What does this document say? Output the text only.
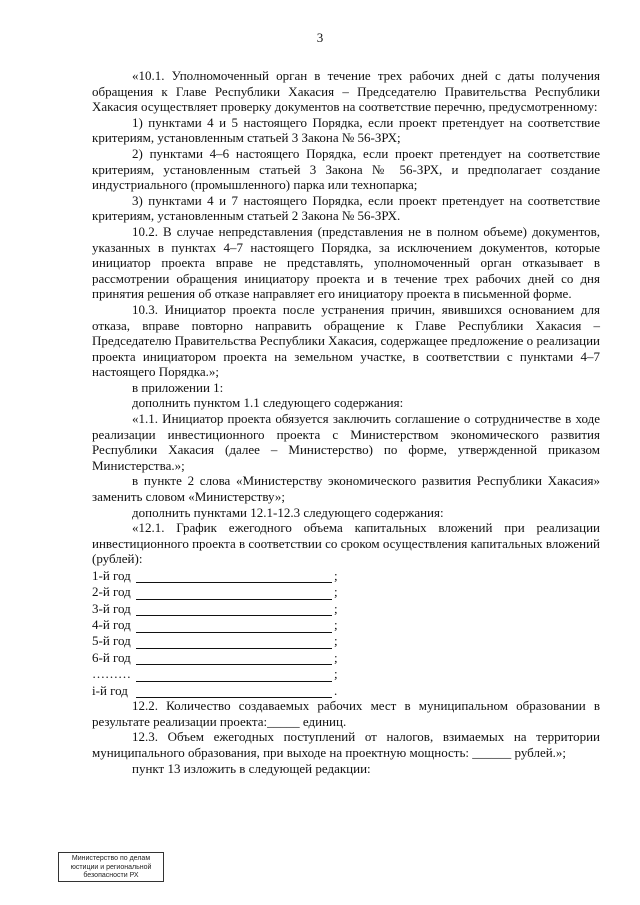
3

«10.1. Уполномоченный орган в течение трех рабочих дней с даты получения обращения к Главе Республики Хакасия – Председателю Правительства Республики Хакасия осуществляет проверку документов на соответствие перечню, предусмотренному:

1) пунктами 4 и 5 настоящего Порядка, если проект претендует на соответствие критериям, установленным статьей 3 Закона № 56-ЗРХ;

2) пунктами 4–6 настоящего Порядка, если проект претендует на соответствие критериям, установленным статьей 3 Закона № 56-ЗРХ, и предполагает создание индустриального (промышленного) парка или технопарка;

3) пунктами 4 и 7 настоящего Порядка, если проект претендует на соответствие критериям, установленным статьей 2 Закона № 56-ЗРХ.

10.2. В случае непредставления (представления не в полном объеме) документов, указанных в пунктах 4–7 настоящего Порядка, за исключением документов, которые инициатор проекта вправе не представлять, уполномоченный орган отказывает в рассмотрении обращения инициатору проекта и в течение трех рабочих дней со дня принятия решения об отказе направляет его инициатору проекта в письменной форме.

10.3. Инициатор проекта после устранения причин, явившихся основанием для отказа, вправе повторно направить обращение к Главе Республики Хакасия – Председателю Правительства Республики Хакасия, содержащее предложение о реализации проекта инициатором проекта на земельном участке, в соответствии с пунктами 4–7 настоящего Порядка.»;

в приложении 1:

дополнить пунктом 1.1 следующего содержания:

«1.1. Инициатор проекта обязуется заключить соглашение о сотрудничестве в ходе реализации инвестиционного проекта с Министерством экономического развития Республики Хакасия (далее – Министерство) по форме, утвержденной приказом Министерства.»;

в пункте 2 слова «Министерству экономического развития Республики Хакасия» заменить словом «Министерству»;

дополнить пунктами 12.1-12.3 следующего содержания:

«12.1. График ежегодного объема капитальных вложений при реализации инвестиционного проекта в соответствии со сроком осуществления капитальных вложений (рублей):

1-й год	;
2-й год	;
3-й год	;
4-й год	;
5-й год	;
6-й год	;
………	;
i-й год	.

12.2. Количество создаваемых рабочих мест в муниципальном образовании в результате реализации проекта:_____ единиц.

12.3. Объем ежегодных поступлений от налогов, взимаемых на территории муниципального образования, при выходе на проектную мощность: ______ рублей.»;

пункт 13 изложить в следующей редакции:

Министерство по делам
юстиции и региональной
безопасности РХ
